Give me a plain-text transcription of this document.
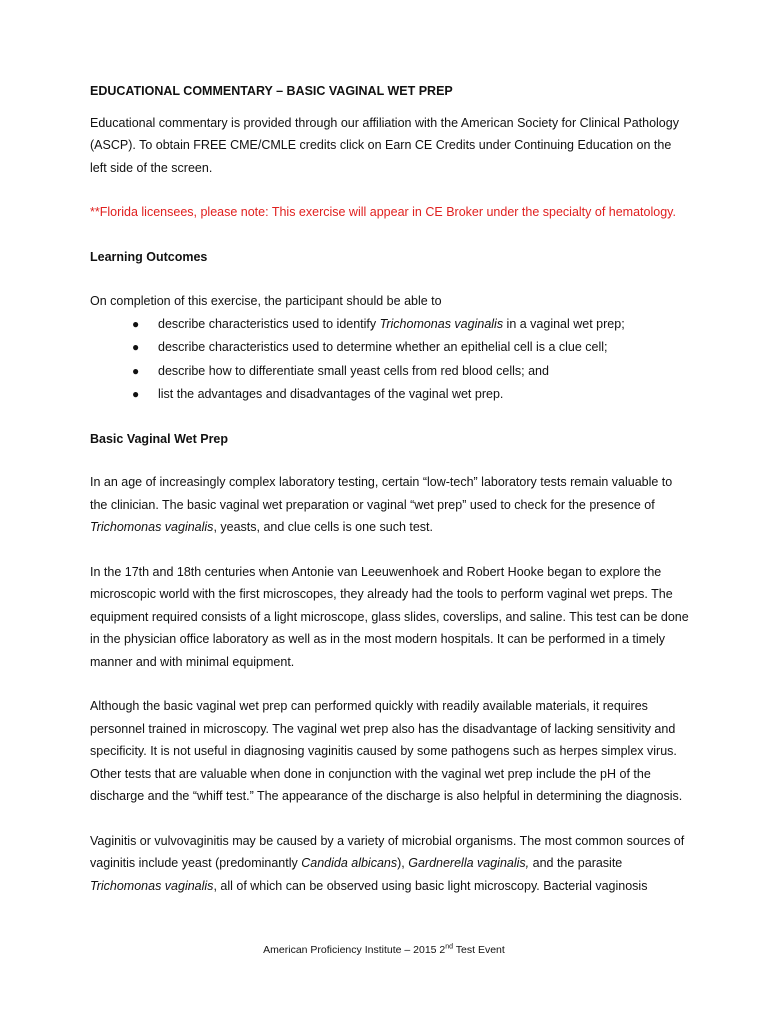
EDUCATIONAL COMMENTARY – BASIC VAGINAL WET PREP

Educational commentary is provided through our affiliation with the American Society for Clinical Pathology (ASCP). To obtain FREE CME/CMLE credits click on Earn CE Credits under Continuing Education on the left side of the screen.

**Florida licensees, please note: This exercise will appear in CE Broker under the specialty of hematology.

Learning Outcomes

On completion of this exercise, the participant should be able to

● describe characteristics used to identify Trichomonas vaginalis in a vaginal wet prep;
● describe characteristics used to determine whether an epithelial cell is a clue cell;
● describe how to differentiate small yeast cells from red blood cells; and
● list the advantages and disadvantages of the vaginal wet prep.

Basic Vaginal Wet Prep

In an age of increasingly complex laboratory testing, certain “low-tech” laboratory tests remain valuable to the clinician. The basic vaginal wet preparation or vaginal “wet prep” used to check for the presence of Trichomonas vaginalis, yeasts, and clue cells is one such test.

In the 17th and 18th centuries when Antonie van Leeuwenhoek and Robert Hooke began to explore the microscopic world with the first microscopes, they already had the tools to perform vaginal wet preps. The equipment required consists of a light microscope, glass slides, coverslips, and saline. This test can be done in the physician office laboratory as well as in the most modern hospitals. It can be performed in a timely manner and with minimal equipment.

Although the basic vaginal wet prep can performed quickly with readily available materials, it requires personnel trained in microscopy. The vaginal wet prep also has the disadvantage of lacking sensitivity and specificity. It is not useful in diagnosing vaginitis caused by some pathogens such as herpes simplex virus. Other tests that are valuable when done in conjunction with the vaginal wet prep include the pH of the discharge and the “whiff test.” The appearance of the discharge is also helpful in determining the diagnosis.

Vaginitis or vulvovaginitis may be caused by a variety of microbial organisms. The most common sources of vaginitis include yeast (predominantly Candida albicans), Gardnerella vaginalis, and the parasite Trichomonas vaginalis, all of which can be observed using basic light microscopy. Bacterial vaginosis

American Proficiency Institute – 2015 2nd Test Event
